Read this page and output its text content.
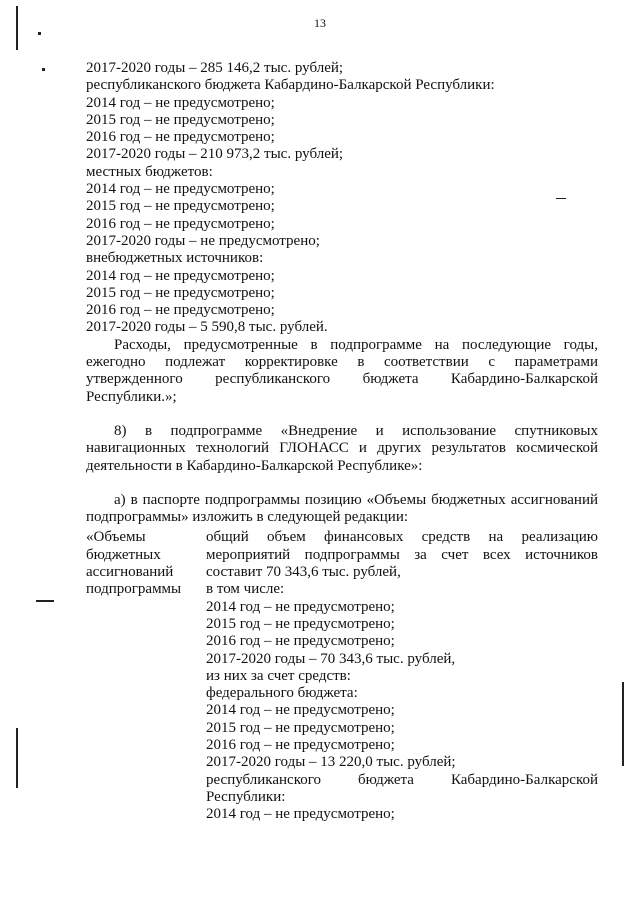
13
2017-2020 годы – 285 146,2 тыс. рублей;
республиканского бюджета Кабардино-Балкарской Республики:
2014 год – не предусмотрено;
2015 год – не предусмотрено;
2016 год – не предусмотрено;
2017-2020 годы – 210 973,2 тыс. рублей;
местных бюджетов:
2014 год – не предусмотрено;
2015 год – не предусмотрено;
2016 год – не предусмотрено;
2017-2020 годы – не предусмотрено;
внебюджетных источников:
2014 год – не предусмотрено;
2015 год – не предусмотрено;
2016 год – не предусмотрено;
2017-2020 годы – 5 590,8 тыс. рублей.
Расходы, предусмотренные в подпрограмме на последующие годы,
ежегодно подлежат корректировке в соответствии с параметрами
утвержденного республиканского бюджета Кабардино-Балкарской
Республики.»;
8) в подпрограмме «Внедрение и использование спутниковых
навигационных технологий ГЛОНАСС и других результатов космической
деятельности в Кабардино-Балкарской Республике»:
а) в паспорте подпрограммы позицию «Объемы бюджетных ассигнований
подпрограммы» изложить в следующей редакции:
«Объемы
бюджетных
ассигнований
подпрограммы
общий объем финансовых средств на реализацию
мероприятий подпрограммы за счет всех источников
составит 70 343,6 тыс. рублей,
в том числе:
2014 год – не предусмотрено;
2015 год – не предусмотрено;
2016 год – не предусмотрено;
2017-2020 годы – 70 343,6 тыс. рублей,
из них за счет средств:
федерального бюджета:
2014 год – не предусмотрено;
2015 год – не предусмотрено;
2016 год – не предусмотрено;
2017-2020 годы – 13 220,0 тыс. рублей;
республиканского бюджета Кабардино-Балкарской
Республики:
2014 год – не предусмотрено;
